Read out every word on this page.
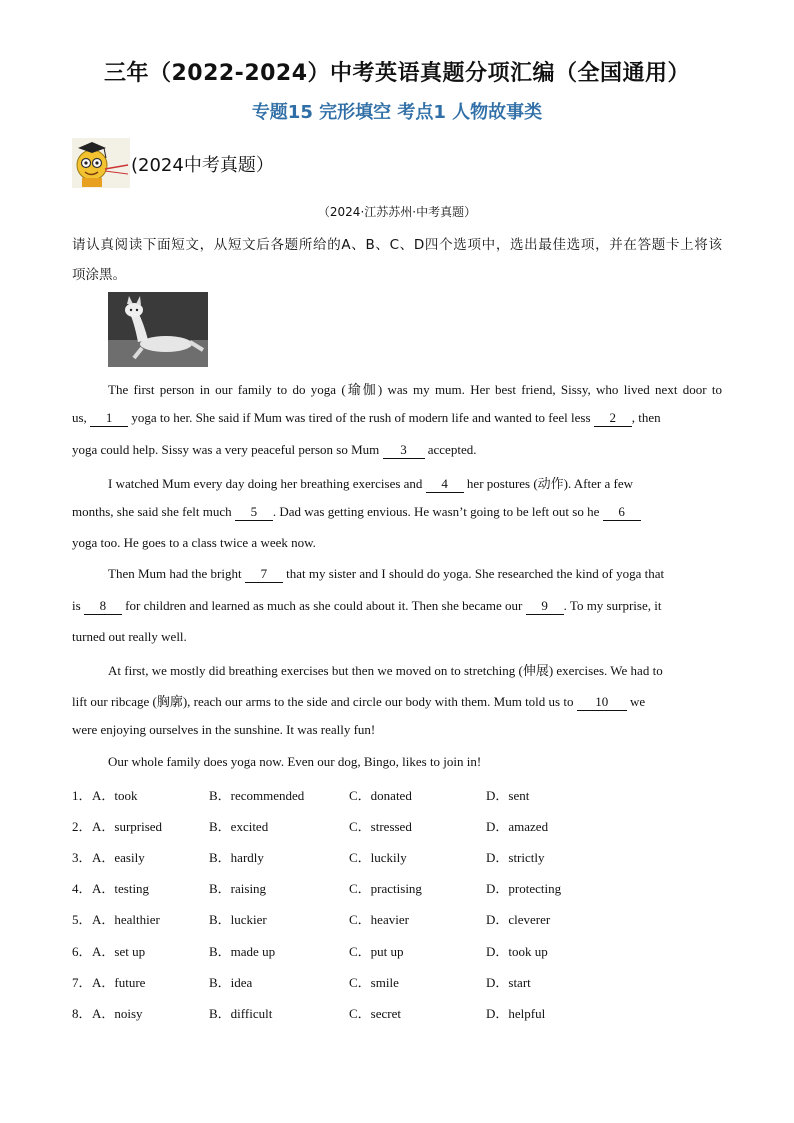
三年（2022-2024）中考英语真题分项汇编（全国通用）
专题15 完形填空 考点1 人物故事类
(2024中考真题）
（2024·江苏苏州·中考真题）
请认真阅读下面短文，从短文后各题所给的A、B、C、D四个选项中，选出最佳选项，并在答题卡上将该
项涂黑。
The first person in our family to do yoga (瑜伽) was my mum. Her best friend, Sissy, who lived next door to
us, 1 yoga to her. She said if Mum was tired of the rush of modern life and wanted to feel less 2 , then
yoga could help. Sissy was a very peaceful person so Mum 3 accepted.
I watched Mum every day doing her breathing exercises and 4 her postures (动作). After a few
months, she said she felt much 5 . Dad was getting envious. He wasn’t going to be left out so he 6
yoga too. He goes to a class twice a week now.
Then Mum had the bright 7 that my sister and I should do yoga. She researched the kind of yoga that
is 8 for children and learned as much as she could about it. Then she became our 9 . To my surprise, it
turned out really well.
At first, we mostly did breathing exercises but then we moved on to stretching (伸展) exercises. We had to
lift our ribcage (胸廓), reach our arms to the side and circle our body with them. Mum told us to 10 we
were enjoying ourselves in the sunshine. It was really fun!
Our whole family does yoga now. Even our dog, Bingo, likes to join in!
1． A．took	B．recommended	C．donated	D．sent
2． A．surprised	B．excited	C．stressed	D．amazed
3． A．easily	B．hardly	C．luckily	D．strictly
4． A．testing	B．raising	C．practising	D．protecting
5． A．healthier	B．luckier	C．heavier	D．cleverer
6． A．set up	B．made up	C．put up	D．took up
7． A．future	B．idea	C．smile	D．start
8． A．noisy	B．difficult	C．secret	D．helpful
